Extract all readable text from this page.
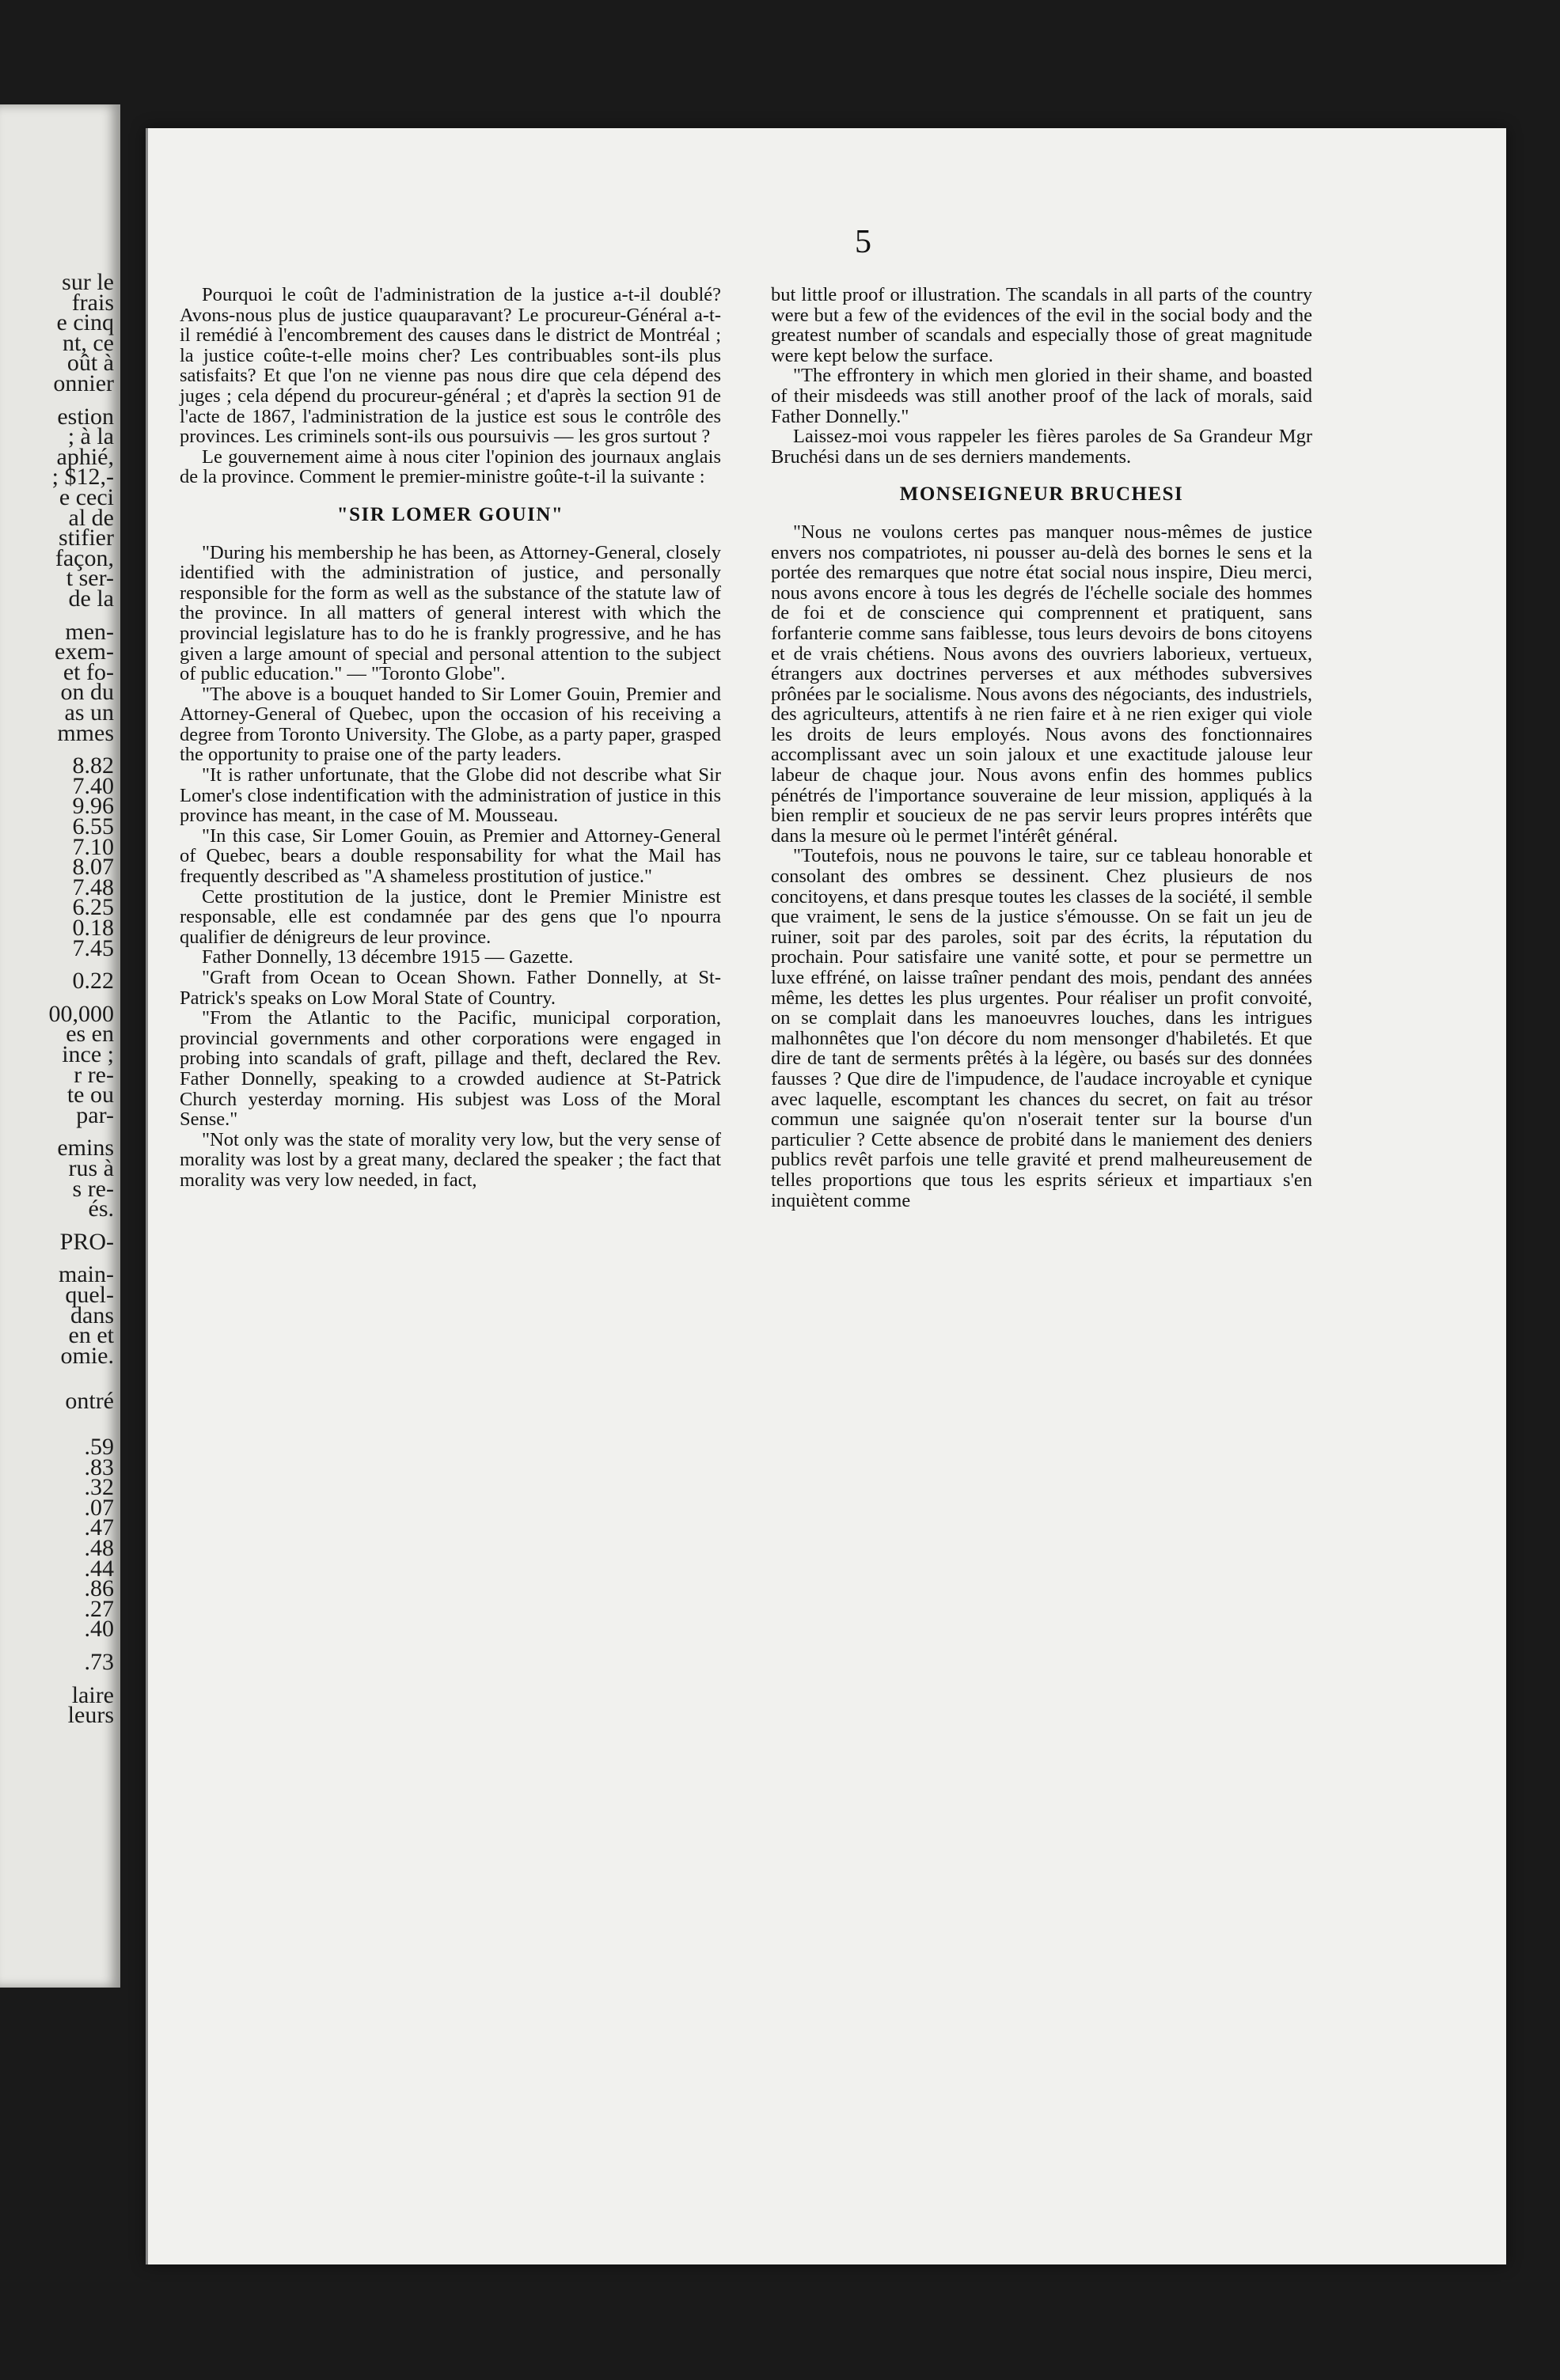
sur le
frais
e cinq
nt, ce
oût à
onnier
estion
; à la
aphié,
; $12,-
e ceci
al de
stifier
façon,
t ser-
de la
men-
exem-
et fo-
on du
as un
mmes
8.82
7.40
9.96
6.55
7.10
8.07
7.48
6.25
0.18
7.45
0.22
00,000
es en
ince ;
r re-
te ou
par-
emins
rus à
s re-
és.
PRO-
main-
quel-
dans
en et
omie.
ontré
.59
.83
.32
.07
.47
.48
.44
.86
.27
.40
.73
laire
leurs
5

Pourquoi le coût de l'administration de la justice a-t-il doublé? Avons-nous plus de justice quauparavant? Le procureur-Général a-t-il remédié à l'encombrement des causes dans le district de Montréal ; la justice coûte-t-elle moins cher? Les contribuables sont-ils plus satisfaits? Et que l'on ne vienne pas nous dire que cela dépend des juges ; cela dépend du procureur-général ; et d'après la section 91 de l'acte de 1867, l'administration de la justice est sous le contrôle des provinces. Les criminels sont-ils ous poursuivis — les gros surtout ?

Le gouvernement aime à nous citer l'opinion des journaux anglais de la province. Comment le premier-ministre goûte-t-il la suivante :

"SIR LOMER GOUIN"

"During his membership he has been, as Attorney-General, closely identified with the administration of justice, and personally responsible for the form as well as the substance of the statute law of the province. In all matters of general interest with which the provincial legislature has to do he is frankly progressive, and he has given a large amount of special and personal attention to the subject of public education." — "Toronto Globe".

"The above is a bouquet handed to Sir Lomer Gouin, Premier and Attorney-General of Quebec, upon the occasion of his receiving a degree from Toronto University. The Globe, as a party paper, grasped the opportunity to praise one of the party leaders.

"It is rather unfortunate, that the Globe did not describe what Sir Lomer's close indentification with the administration of justice in this province has meant, in the case of M. Mousseau.

"In this case, Sir Lomer Gouin, as Premier and Attorney-General of Quebec, bears a double responsability for what the Mail has frequently described as "A shameless prostitution of justice."

Cette prostitution de la justice, dont le Premier Ministre est responsable, elle est condamnée par des gens que l'o npourra qualifier de dénigreurs de leur province.

Father Donnelly, 13 décembre 1915 — Gazette.

"Graft from Ocean to Ocean Shown. Father Donnelly, at St-Patrick's speaks on Low Moral State of Country.

"From the Atlantic to the Pacific, municipal corporation, provincial governments and other corporations were engaged in probing into scandals of graft, pillage and theft, declared the Rev. Father Donnelly, speaking to a crowded audience at St-Patrick Church yesterday morning. His subjest was Loss of the Moral Sense."

"Not only was the state of morality very low, but the very sense of morality was lost by a great many, declared the speaker ; the fact that morality was very low needed, in fact,

but little proof or illustration. The scandals in all parts of the country were but a few of the evidences of the evil in the social body and the greatest number of scandals and especially those of great magnitude were kept below the surface.

"The effrontery in which men gloried in their shame, and boasted of their misdeeds was still another proof of the lack of morals, said Father Donnelly."

Laissez-moi vous rappeler les fières paroles de Sa Grandeur Mgr Bruchési dans un de ses derniers mandements.

MONSEIGNEUR BRUCHESI

"Nous ne voulons certes pas manquer nous-mêmes de justice envers nos compatriotes, ni pousser au-delà des bornes le sens et la portée des remarques que notre état social nous inspire, Dieu merci, nous avons encore à tous les degrés de l'échelle sociale des hommes de foi et de conscience qui comprennent et pratiquent, sans forfanterie comme sans faiblesse, tous leurs devoirs de bons citoyens et de vrais chétiens. Nous avons des ouvriers laborieux, vertueux, étrangers aux doctrines perverses et aux méthodes subversives prônées par le socialisme. Nous avons des négociants, des industriels, des agriculteurs, attentifs à ne rien faire et à ne rien exiger qui viole les droits de leurs employés. Nous avons des fonctionnaires accomplissant avec un soin jaloux et une exactitude jalouse leur labeur de chaque jour. Nous avons enfin des hommes publics pénétrés de l'importance souveraine de leur mission, appliqués à la bien remplir et soucieux de ne pas servir leurs propres intérêts que dans la mesure où le permet l'intérêt général.

"Toutefois, nous ne pouvons le taire, sur ce tableau honorable et consolant des ombres se dessinent. Chez plusieurs de nos concitoyens, et dans presque toutes les classes de la société, il semble que vraiment, le sens de la justice s'émousse. On se fait un jeu de ruiner, soit par des paroles, soit par des écrits, la réputation du prochain. Pour satisfaire une vanité sotte, et pour se permettre un luxe effréné, on laisse traîner pendant des mois, pendant des années même, les dettes les plus urgentes. Pour réaliser un profit convoité, on se complait dans les manoeuvres louches, dans les intrigues malhonnêtes que l'on décore du nom mensonger d'habiletés. Et que dire de tant de serments prêtés à la légère, ou basés sur des données fausses ? Que dire de l'impudence, de l'audace incroyable et cynique avec laquelle, escomptant les chances du secret, on fait au trésor commun une saignée qu'on n'oserait tenter sur la bourse d'un particulier ? Cette absence de probité dans le maniement des deniers publics revêt parfois une telle gravité et prend malheureusement de telles proportions que tous les esprits sérieux et impartiaux s'en inquiètent comme
